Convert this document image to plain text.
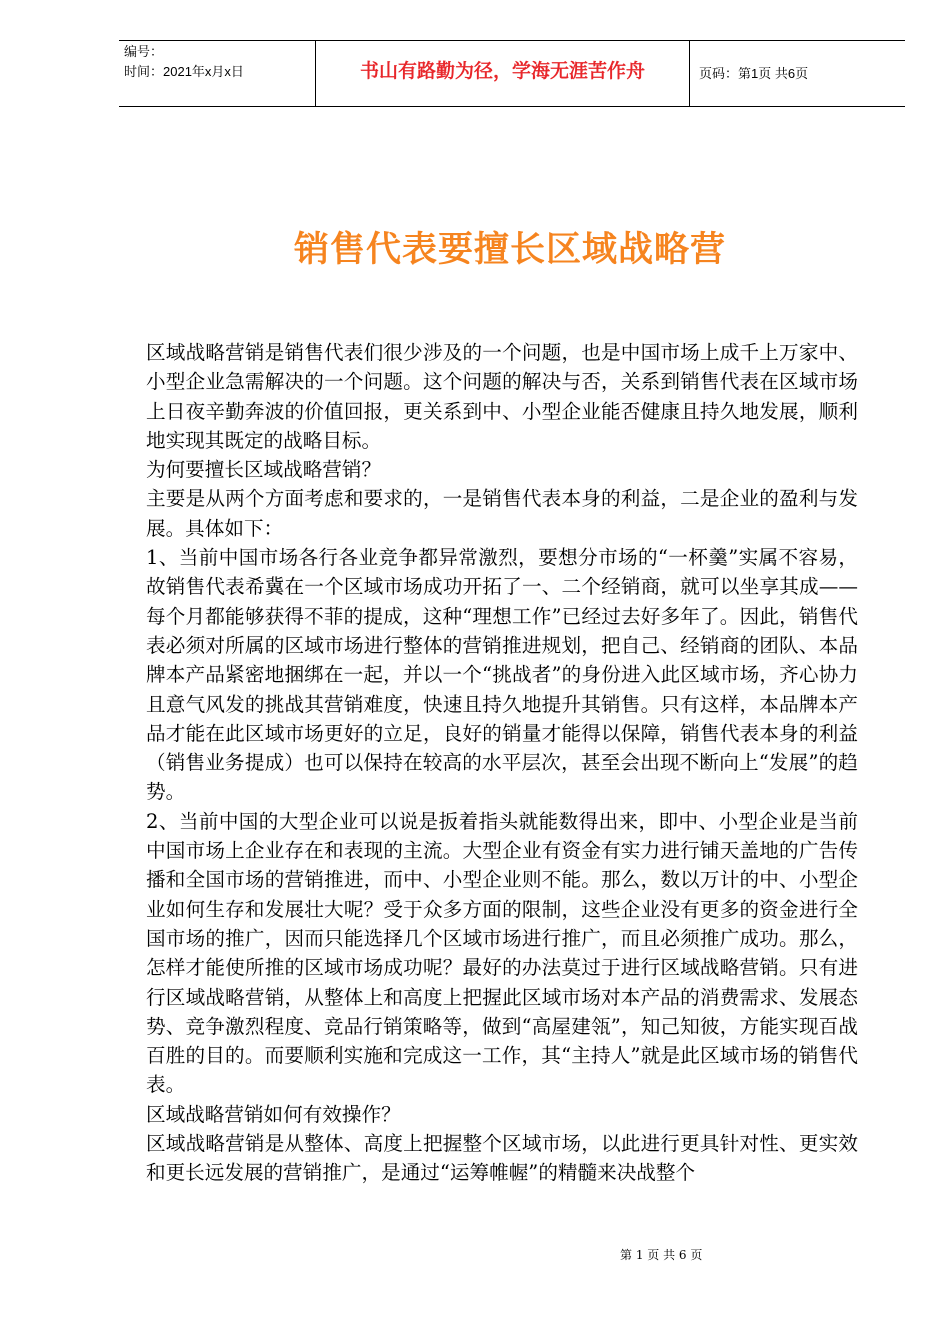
编号：
时间：2021年x月x日	书山有路勤为径，学海无涯苦作舟	页码：第1页 共6页
销售代表要擅长区域战略营

区域战略营销是销售代表们很少涉及的一个问题，也是中国市场上成千上万家中、小型企业急需解决的一个问题。这个问题的解决与否，关系到销售代表在区域市场上日夜辛勤奔波的价值回报，更关系到中、小型企业能否健康且持久地发展，顺利地实现其既定的战略目标。

为何要擅长区域战略营销？

主要是从两个方面考虑和要求的，一是销售代表本身的利益，二是企业的盈利与发展。具体如下：

1、当前中国市场各行各业竞争都异常激烈，要想分市场的“一杯羹”实属不容易，故销售代表希冀在一个区域市场成功开拓了一、二个经销商，就可以坐享其成——每个月都能够获得不菲的提成，这种“理想工作”已经过去好多年了。因此，销售代表必须对所属的区域市场进行整体的营销推进规划，把自己、经销商的团队、本品牌本产品紧密地捆绑在一起，并以一个“挑战者”的身份进入此区域市场，齐心协力且意气风发的挑战其营销难度，快速且持久地提升其销售。只有这样，本品牌本产品才能在此区域市场更好的立足，良好的销量才能得以保障，销售代表本身的利益（销售业务提成）也可以保持在较高的水平层次，甚至会出现不断向上“发展”的趋势。

2、当前中国的大型企业可以说是扳着指头就能数得出来，即中、小型企业是当前中国市场上企业存在和表现的主流。大型企业有资金有实力进行铺天盖地的广告传播和全国市场的营销推进，而中、小型企业则不能。那么，数以万计的中、小型企业如何生存和发展壮大呢？受于众多方面的限制，这些企业没有更多的资金进行全国市场的推广，因而只能选择几个区域市场进行推广，而且必须推广成功。那么，怎样才能使所推的区域市场成功呢？最好的办法莫过于进行区域战略营销。只有进行区域战略营销，从整体上和高度上把握此区域市场对本产品的消费需求、发展态势、竞争激烈程度、竞品行销策略等，做到“高屋建瓴”，知己知彼，方能实现百战百胜的目的。而要顺利实施和完成这一工作，其“主持人”就是此区域市场的销售代表。

区域战略营销如何有效操作？

区域战略营销是从整体、高度上把握整个区域市场，以此进行更具针对性、更实效和更长远发展的营销推广，是通过“运筹帷幄”的精髓来决战整个

第 1 页 共 6 页
